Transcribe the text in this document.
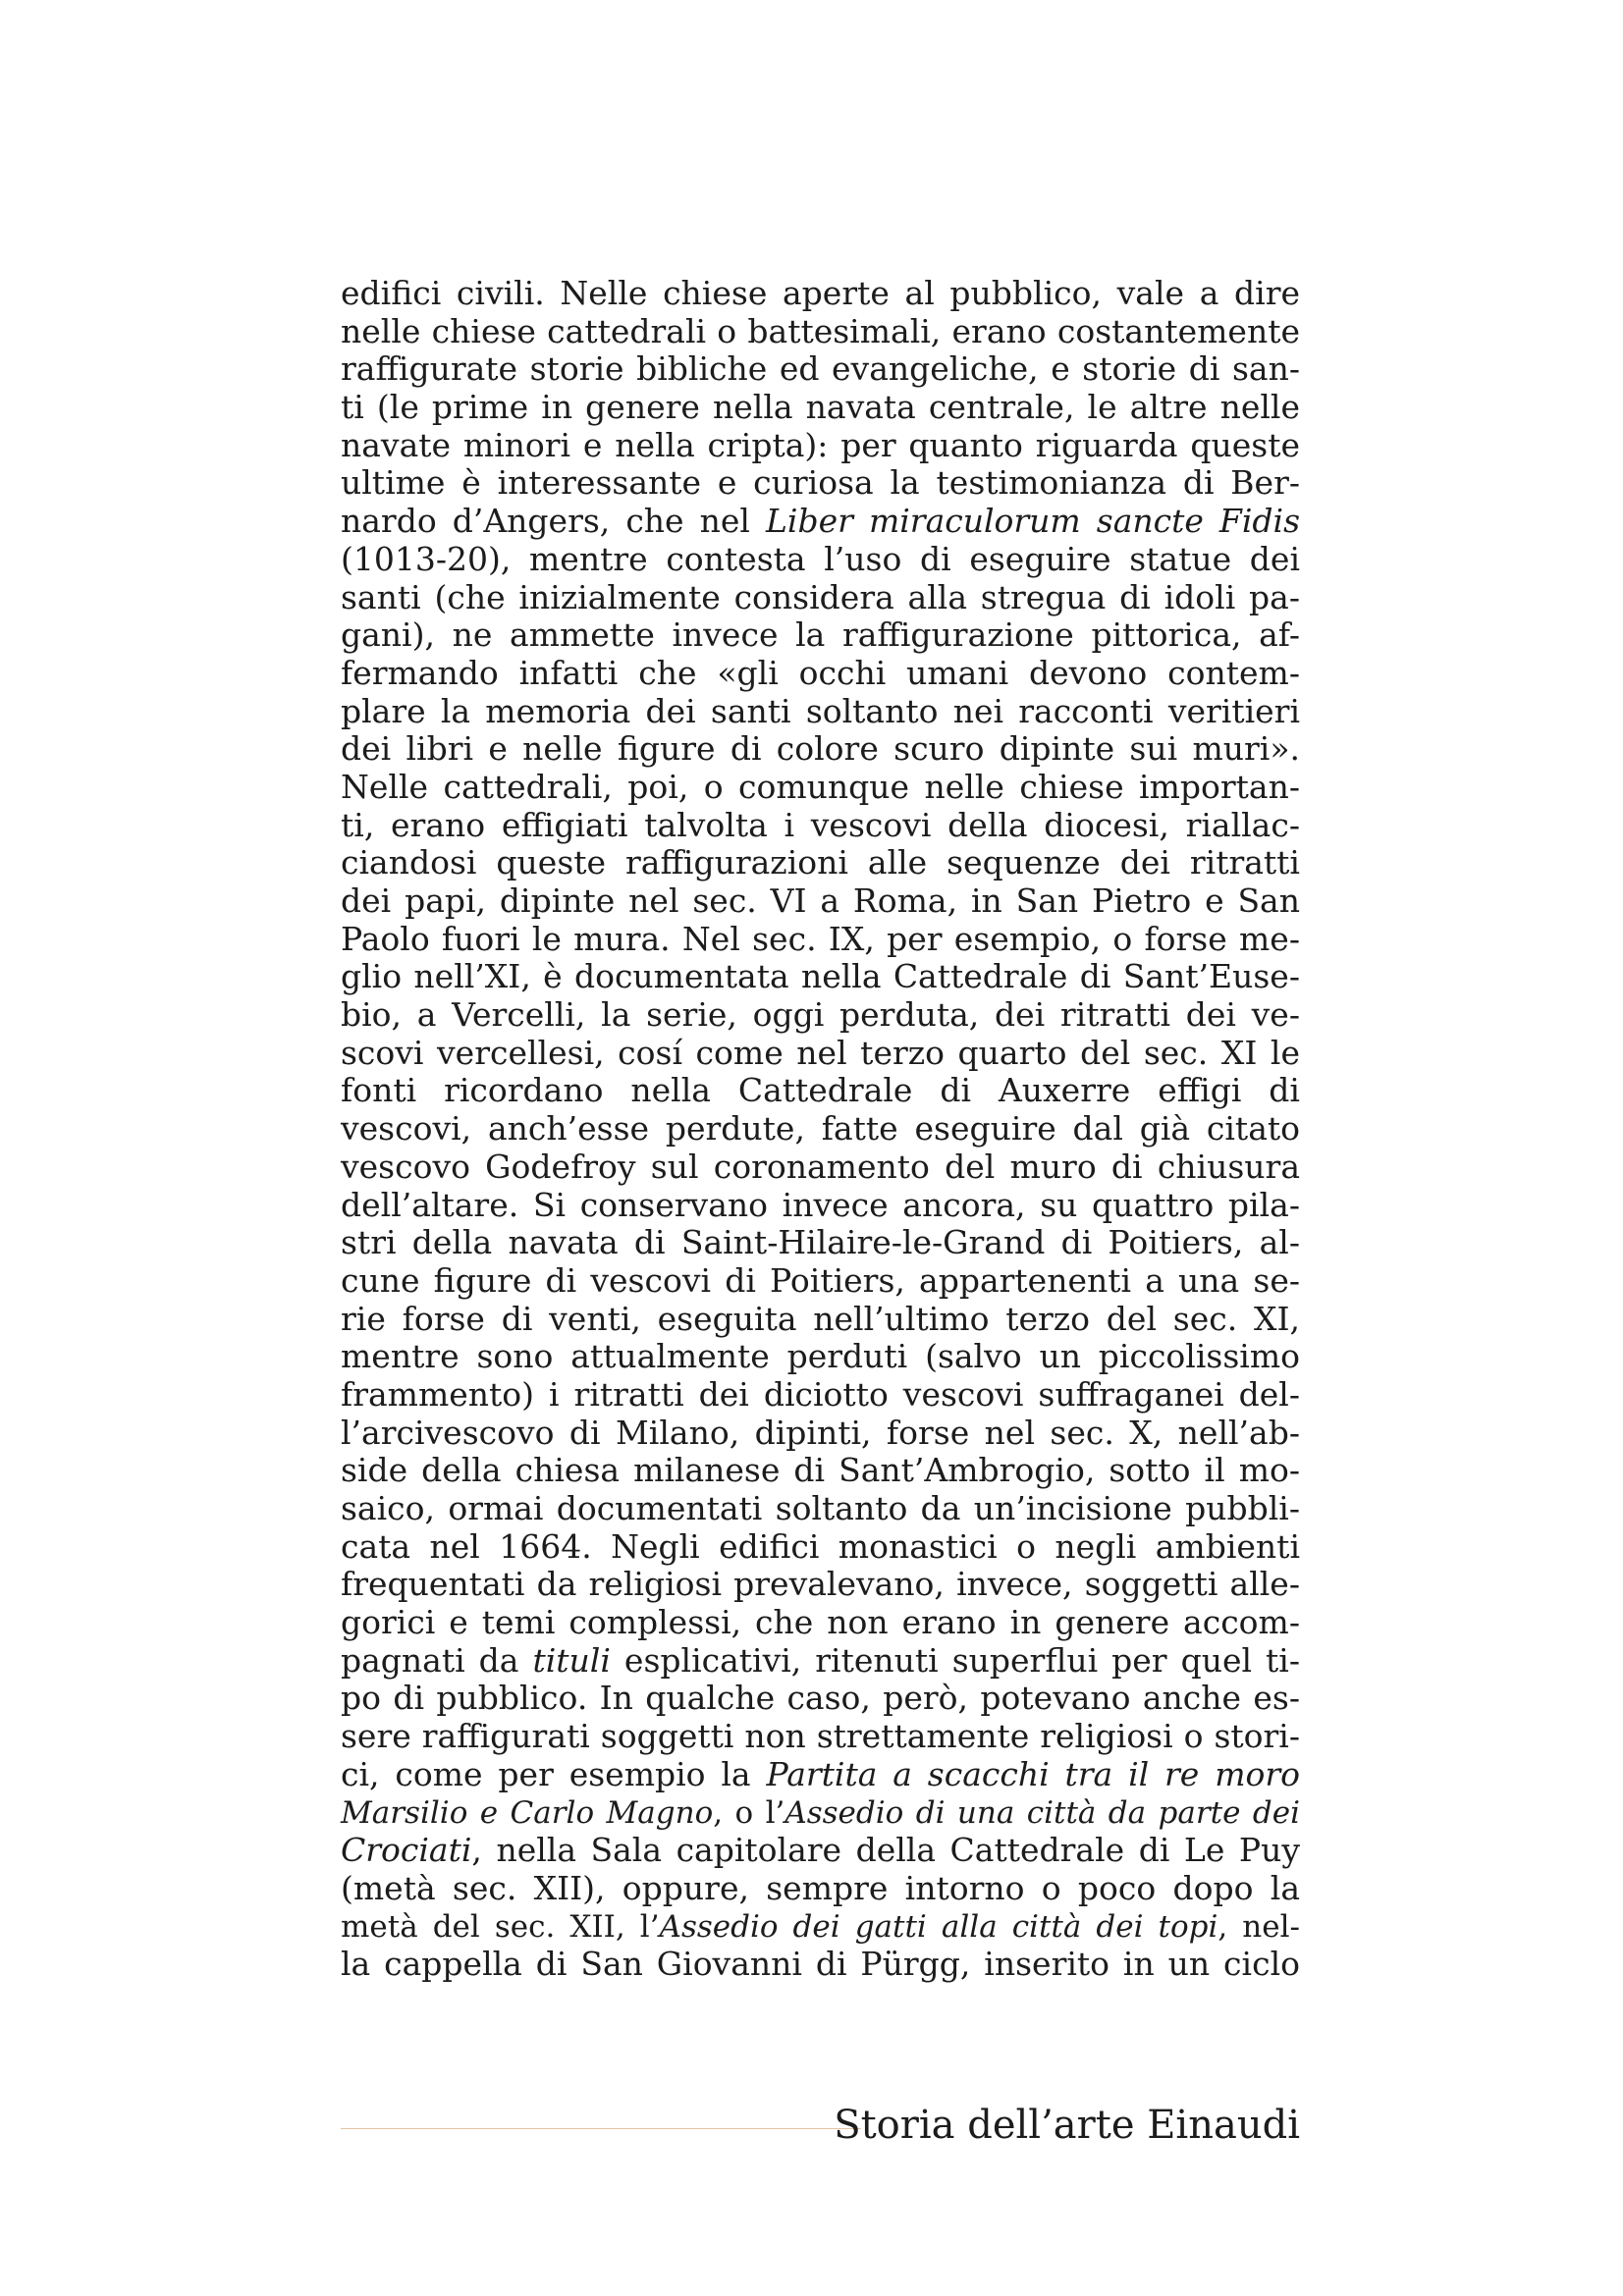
edifici civili. Nelle chiese aperte al pubblico, vale a dire
nelle chiese cattedrali o battesimali, erano costantemente
raffigurate storie bibliche ed evangeliche, e storie di san-
ti (le prime in genere nella navata centrale, le altre nelle
navate minori e nella cripta): per quanto riguarda queste
ultime è interessante e curiosa la testimonianza di Ber-
nardo d’Angers, che nel Liber miraculorum sancte Fidis
(1013-20), mentre contesta l’uso di eseguire statue dei
santi (che inizialmente considera alla stregua di idoli pa-
gani), ne ammette invece la raffigurazione pittorica, af-
fermando infatti che «gli occhi umani devono contem-
plare la memoria dei santi soltanto nei racconti veritieri
dei libri e nelle figure di colore scuro dipinte sui muri».
Nelle cattedrali, poi, o comunque nelle chiese importan-
ti, erano effigiati talvolta i vescovi della diocesi, riallac-
ciandosi queste raffigurazioni alle sequenze dei ritratti
dei papi, dipinte nel sec. VI a Roma, in San Pietro e San
Paolo fuori le mura. Nel sec. IX, per esempio, o forse me-
glio nell’XI, è documentata nella Cattedrale di Sant’Euse-
bio, a Vercelli, la serie, oggi perduta, dei ritratti dei ve-
scovi vercellesi, cosí come nel terzo quarto del sec. XI le
fonti ricordano nella Cattedrale di Auxerre effigi di
vescovi, anch’esse perdute, fatte eseguire dal già citato
vescovo Godefroy sul coronamento del muro di chiusura
dell’altare. Si conservano invece ancora, su quattro pila-
stri della navata di Saint-Hilaire-le-Grand di Poitiers, al-
cune figure di vescovi di Poitiers, appartenenti a una se-
rie forse di venti, eseguita nell’ultimo terzo del sec. XI,
mentre sono attualmente perduti (salvo un piccolissimo
frammento) i ritratti dei diciotto vescovi suffraganei del-
l’arcivescovo di Milano, dipinti, forse nel sec. X, nell’ab-
side della chiesa milanese di Sant’Ambrogio, sotto il mo-
saico, ormai documentati soltanto da un’incisione pubbli-
cata nel 1664. Negli edifici monastici o negli ambienti
frequentati da religiosi prevalevano, invece, soggetti alle-
gorici e temi complessi, che non erano in genere accom-
pagnati da tituli esplicativi, ritenuti superflui per quel ti-
po di pubblico. In qualche caso, però, potevano anche es-
sere raffigurati soggetti non strettamente religiosi o stori-
ci, come per esempio la Partita a scacchi tra il re moro
Marsilio e Carlo Magno, o l’Assedio di una città da parte dei
Crociati, nella Sala capitolare della Cattedrale di Le Puy
(metà sec. XII), oppure, sempre intorno o poco dopo la
metà del sec. XII, l’Assedio dei gatti alla città dei topi, nel-
la cappella di San Giovanni di Pürgg, inserito in un ciclo
Storia dell’arte Einaudi
